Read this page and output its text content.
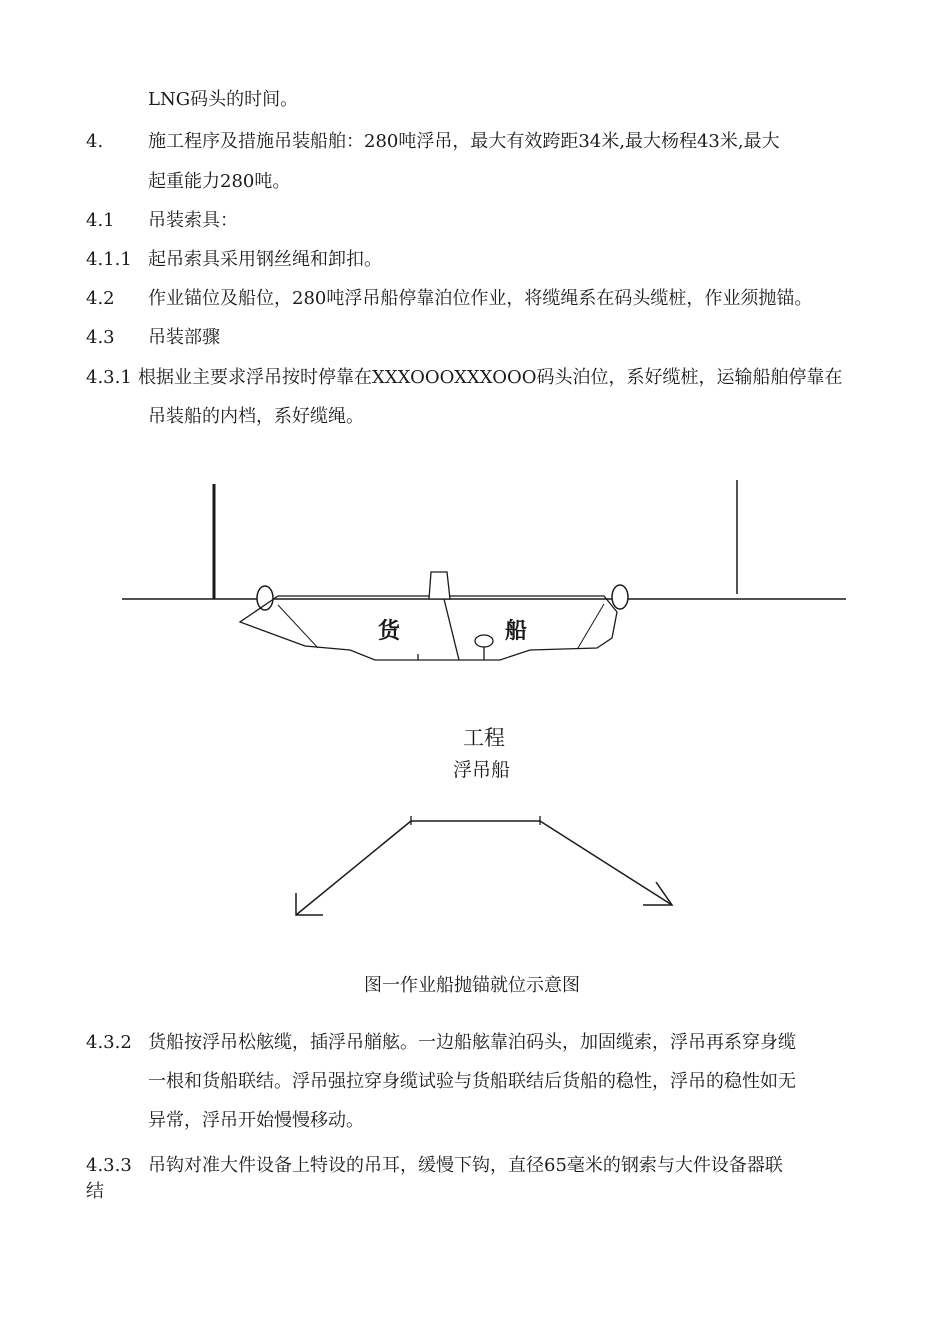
LNG码头的时间。
4. 施工程序及措施吊装船舶：280吨浮吊，最大有效跨距34米,最大杨程43米,最大
起重能力280吨。
4.1 吊装索具：
4.1.1 起吊索具采用钢丝绳和卸扣。
4.2 作业锚位及船位，280吨浮吊船停靠泊位作业，将缆绳系在码头缆桩，作业须抛锚。
4.3 吊装部骤
4.3.1 根据业主要求浮吊按时停靠在XXXOOOXXXOOO码头泊位，系好缆桩，运输船舶停靠在
吊装船的内档，系好缆绳。
货	船
工程
浮吊船
图一作业船抛锚就位示意图
4.3.2 货船按浮吊松舷缆，插浮吊艏舷。一边船舷靠泊码头，加固缆索，浮吊再系穿身缆
一根和货船联结。浮吊强拉穿身缆试验与货船联结后货船的稳性，浮吊的稳性如无
异常，浮吊开始慢慢移动。
4.3.3 吊钩对准大件设备上特设的吊耳，缓慢下钩，直径65毫米的钢索与大件设备器联
结
